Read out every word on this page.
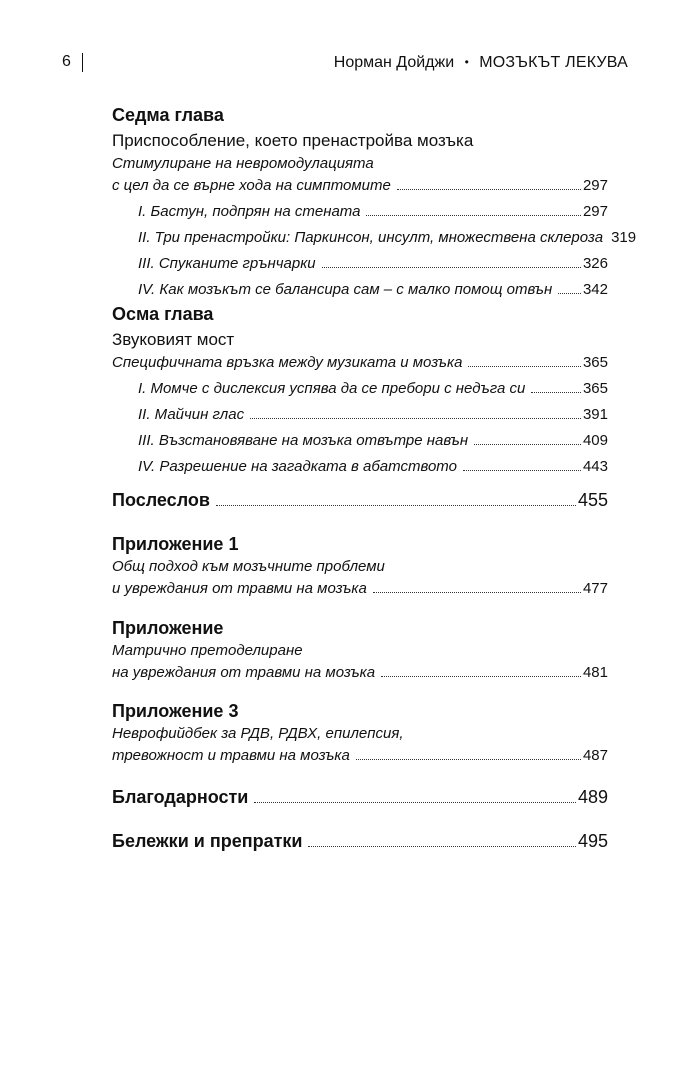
6	Норман Дойджи • МОЗЪКЪТ ЛЕКУВА
Седма глава
Приспособление, което пренастройва мозъка
Стимулиране на невромодулацията
с цел да се върне хода на симптомите	297
I. Бастун, подпрян на стената	297
II. Три пренастройки: Паркинсон, инсулт, множествена склероза 319
III. Спуканите грънчарки	326
IV. Как мозъкът се балансира сам – с малко помощ отвън 342
Осма глава
Звуковият мост
Специфичната връзка между музиката и мозъка	365
I. Момче с дислексия успява да се пребори с недъга си	365
II. Майчин глас	391
III. Възстановяване на мозъка отвътре навън	409
IV. Разрешение на загадката в абатството	443
Послеслов	455
Приложение 1
Общ подход към мозъчните проблеми
и увреждания от травми на мозъка	477
Приложение
Матрично преmoделиране
на увреждания от травми на мозъка	481
Приложение 3
Неврофийдбек за РДВ, РДВХ, епилепсия,
тревожност и травми на мозъка	487
Благодарности	489
Бележки и препратки	495
